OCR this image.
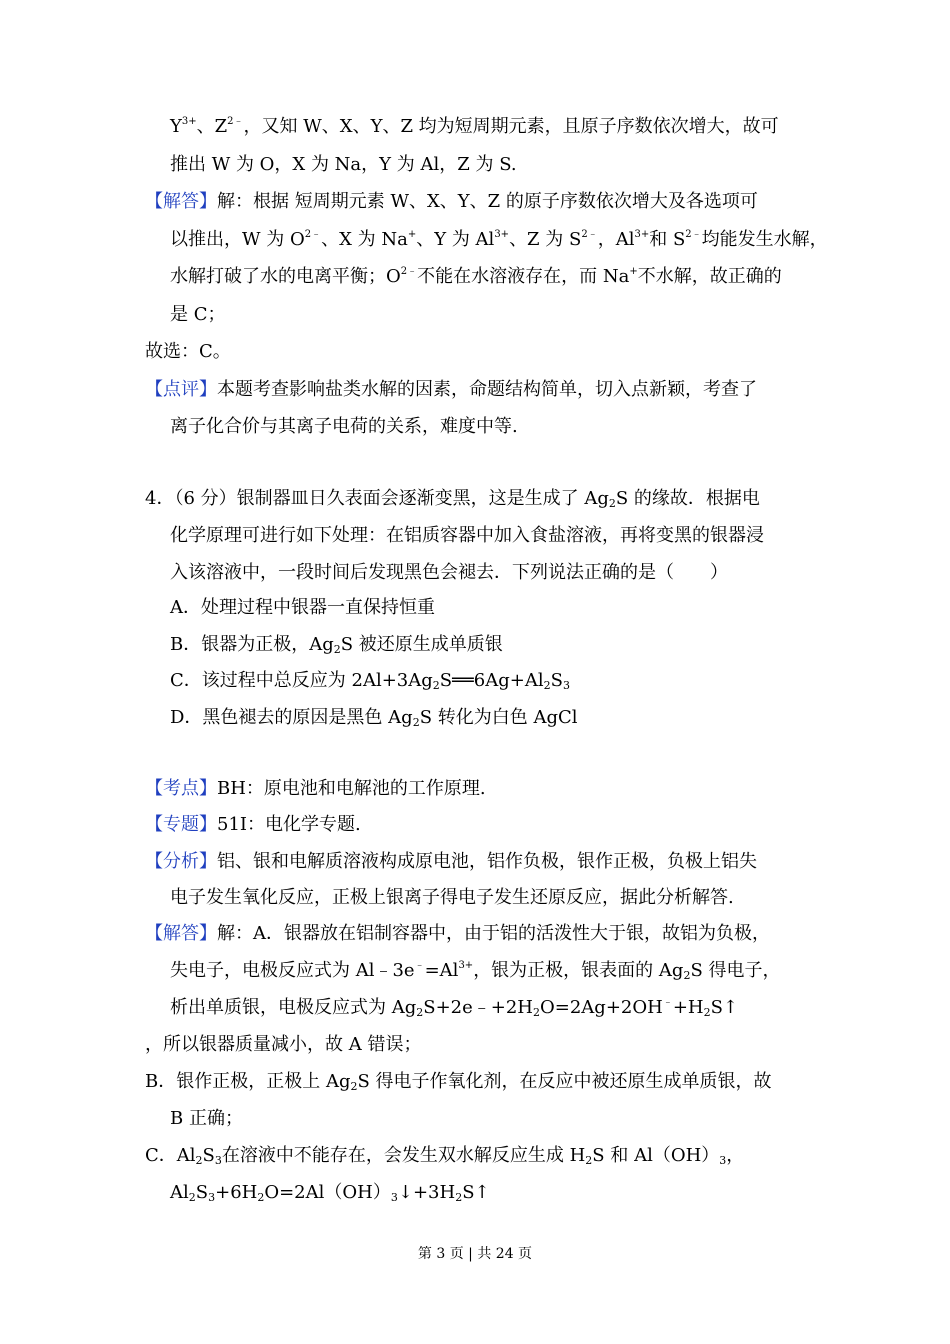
$Y^{3+}$、$Z^{2﹣}$，又知 W、X、Y、Z 均为短周期元素，且原子序数依次增大，故可
推出 W 为 O，X 为 Na，Y 为 Al，Z 为 S.
【解答】解：根据 短周期元素 W、X、Y、Z 的原子序数依次增大及各选项可
以推出，W 为 $O^{2﹣}$、X 为 Na+、Y 为 $Al^{3+}$、Z 为 $S^{2﹣}$，$Al^{3+}$和 $S^{2﹣}$均能发生水解，
水解打破了水的电离平衡；$O^{2﹣}$不能在水溶液存在，而 Na+不水解，故正确的
是 C；
故选：C。
【点评】本题考查影响盐类水解的因素，命题结构简单，切入点新颖，考查了
离子化合价与其离子电荷的关系，难度中等.
4．（6 分）银制器皿日久表面会逐渐变黑，这是生成了 $Ag_2S$ 的缘故．根据电
化学原理可进行如下处理：在铝质容器中加入食盐溶液，再将变黑的银器浸
入该溶液中，一段时间后发现黑色会褪去．下列说法正确的是（　　）
A．处理过程中银器一直保持恒重
B．银器为正极，$Ag_2S$ 被还原生成单质银
C．该过程中总反应为 $2Al+3Ag_2S══6Ag+Al_2S_3$
D．黑色褪去的原因是黑色 $Ag_2S$ 转化为白色 AgCl
【考点】BH：原电池和电解池的工作原理.
【专题】51I：电化学专题.
【分析】铝、银和电解质溶液构成原电池，铝作负极，银作正极，负极上铝失
电子发生氧化反应，正极上银离子得电子发生还原反应，据此分析解答.
【解答】解：A．银器放在铝制容器中，由于铝的活泼性大于银，故铝为负极，
失电子，电极反应式为 $Al﹣3e^﹣=Al^{3+}$，银为正极，银表面的 $Ag_2S$ 得电子，
析出单质银，电极反应式为 $Ag_2S+2e﹣+2H_2O=2Ag+2OH^﹣+H_2S↑$
，所以银器质量减小，故 A 错误；
B．银作正极，正极上 $Ag_2S$ 得电子作氧化剂，在反应中被还原生成单质银，故
B 正确；
C．$Al_2S_3$在溶液中不能存在，会发生双水解反应生成 $H_2S$ 和 $Al(OH)_3$，
$Al_2S_3+6H_2O=2Al(OH)_3↓+3H_2S↑$
第 3 页 | 共 24 页
